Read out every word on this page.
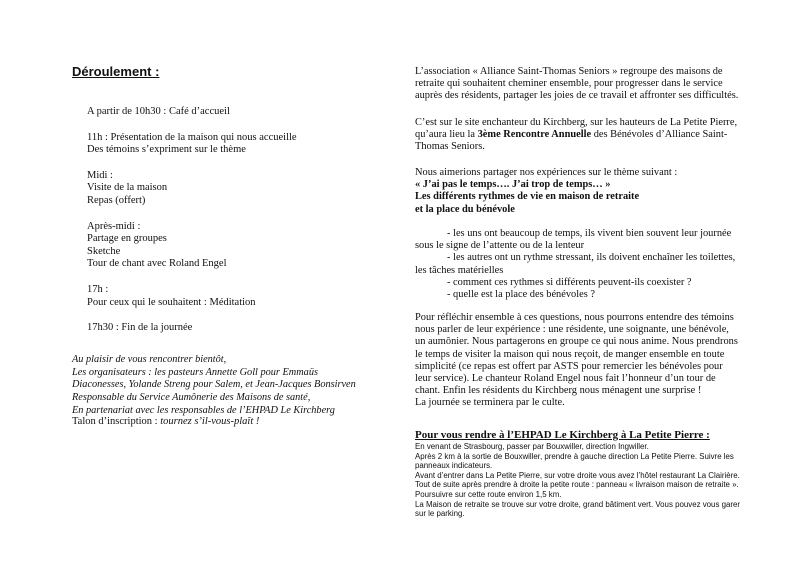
Déroulement :
A partir de 10h30 : Café d’accueil
11h : Présentation de la maison qui nous accueille
Des témoins s’expriment sur le thème
Midi :
Visite de la maison
Repas (offert)
Après-midi :
Partage en groupes
Sketche
Tour de chant avec Roland Engel
17h :
Pour ceux qui le souhaitent : Méditation
17h30 : Fin de la journée
Au plaisir de vous rencontrer bientôt,
Les organisateurs : les pasteurs Annette Goll pour Emmaüs
Diaconesses, Yolande Streng pour Salem, et Jean-Jacques Bonsirven
Responsable du Service Aumônerie des Maisons de santé,
En partenariat avec les responsables de l’EHPAD Le Kirchberg
Talon d’inscription : tournez s’il-vous-plaît !
L’association « Alliance Saint-Thomas Seniors » regroupe des maisons de
retraite qui souhaitent cheminer ensemble, pour progresser dans le service
auprès des résidents, partager les joies de ce travail et affronter ses difficultés.
C’est sur le site enchanteur du Kirchberg, sur les hauteurs de La Petite Pierre,
qu’aura lieu la 3ème Rencontre Annuelle des Bénévoles d’Alliance Saint-
Thomas Seniors.
Nous aimerions partager nos expériences sur le thème suivant :
« J’ai pas le temps…. J’ai trop de temps… »
Les différents rythmes de vie en maison de retraite
et la place du bénévole
- les uns ont beaucoup de temps, ils vivent bien souvent leur journée
sous le signe de l’attente ou de la lenteur
- les autres ont un rythme stressant, ils doivent enchaîner les toilettes,
les tâches matérielles
- comment ces rythmes si différents peuvent-ils coexister ?
- quelle est la place des bénévoles ?
Pour réfléchir ensemble à ces questions, nous pourrons entendre des témoins
nous parler de leur expérience : une résidente, une soignante, une bénévole,
un aumônier. Nous partagerons en groupe ce qui nous anime. Nous prendrons
le temps de visiter la maison qui nous reçoit, de manger ensemble en toute
simplicité (ce repas est offert par ASTS pour remercier les bénévoles pour
leur service). Le chanteur Roland Engel nous fait l’honneur d’un tour de
chant. Enfin les résidents du Kirchberg nous ménagent une surprise !
La journée se terminera par le culte.
Pour vous rendre à l’EHPAD Le Kirchberg à La Petite Pierre :
En venant de Strasbourg, passer par Bouxwiller, direction Ingwiller.
Après 2 km à la sortie de Bouxwiller, prendre à gauche direction La Petite Pierre. Suivre les
panneaux indicateurs.
Avant d’entrer dans La Petite Pierre, sur votre droite vous avez l’hôtel restaurant La Clairière.
Tout de suite après prendre à droite la petite route : panneau « livraison maison de retraite ».
Poursuivre sur cette route environ 1,5 km.
La Maison de retraite se trouve sur votre droite, grand bâtiment vert. Vous pouvez vous garer
sur le parking.
